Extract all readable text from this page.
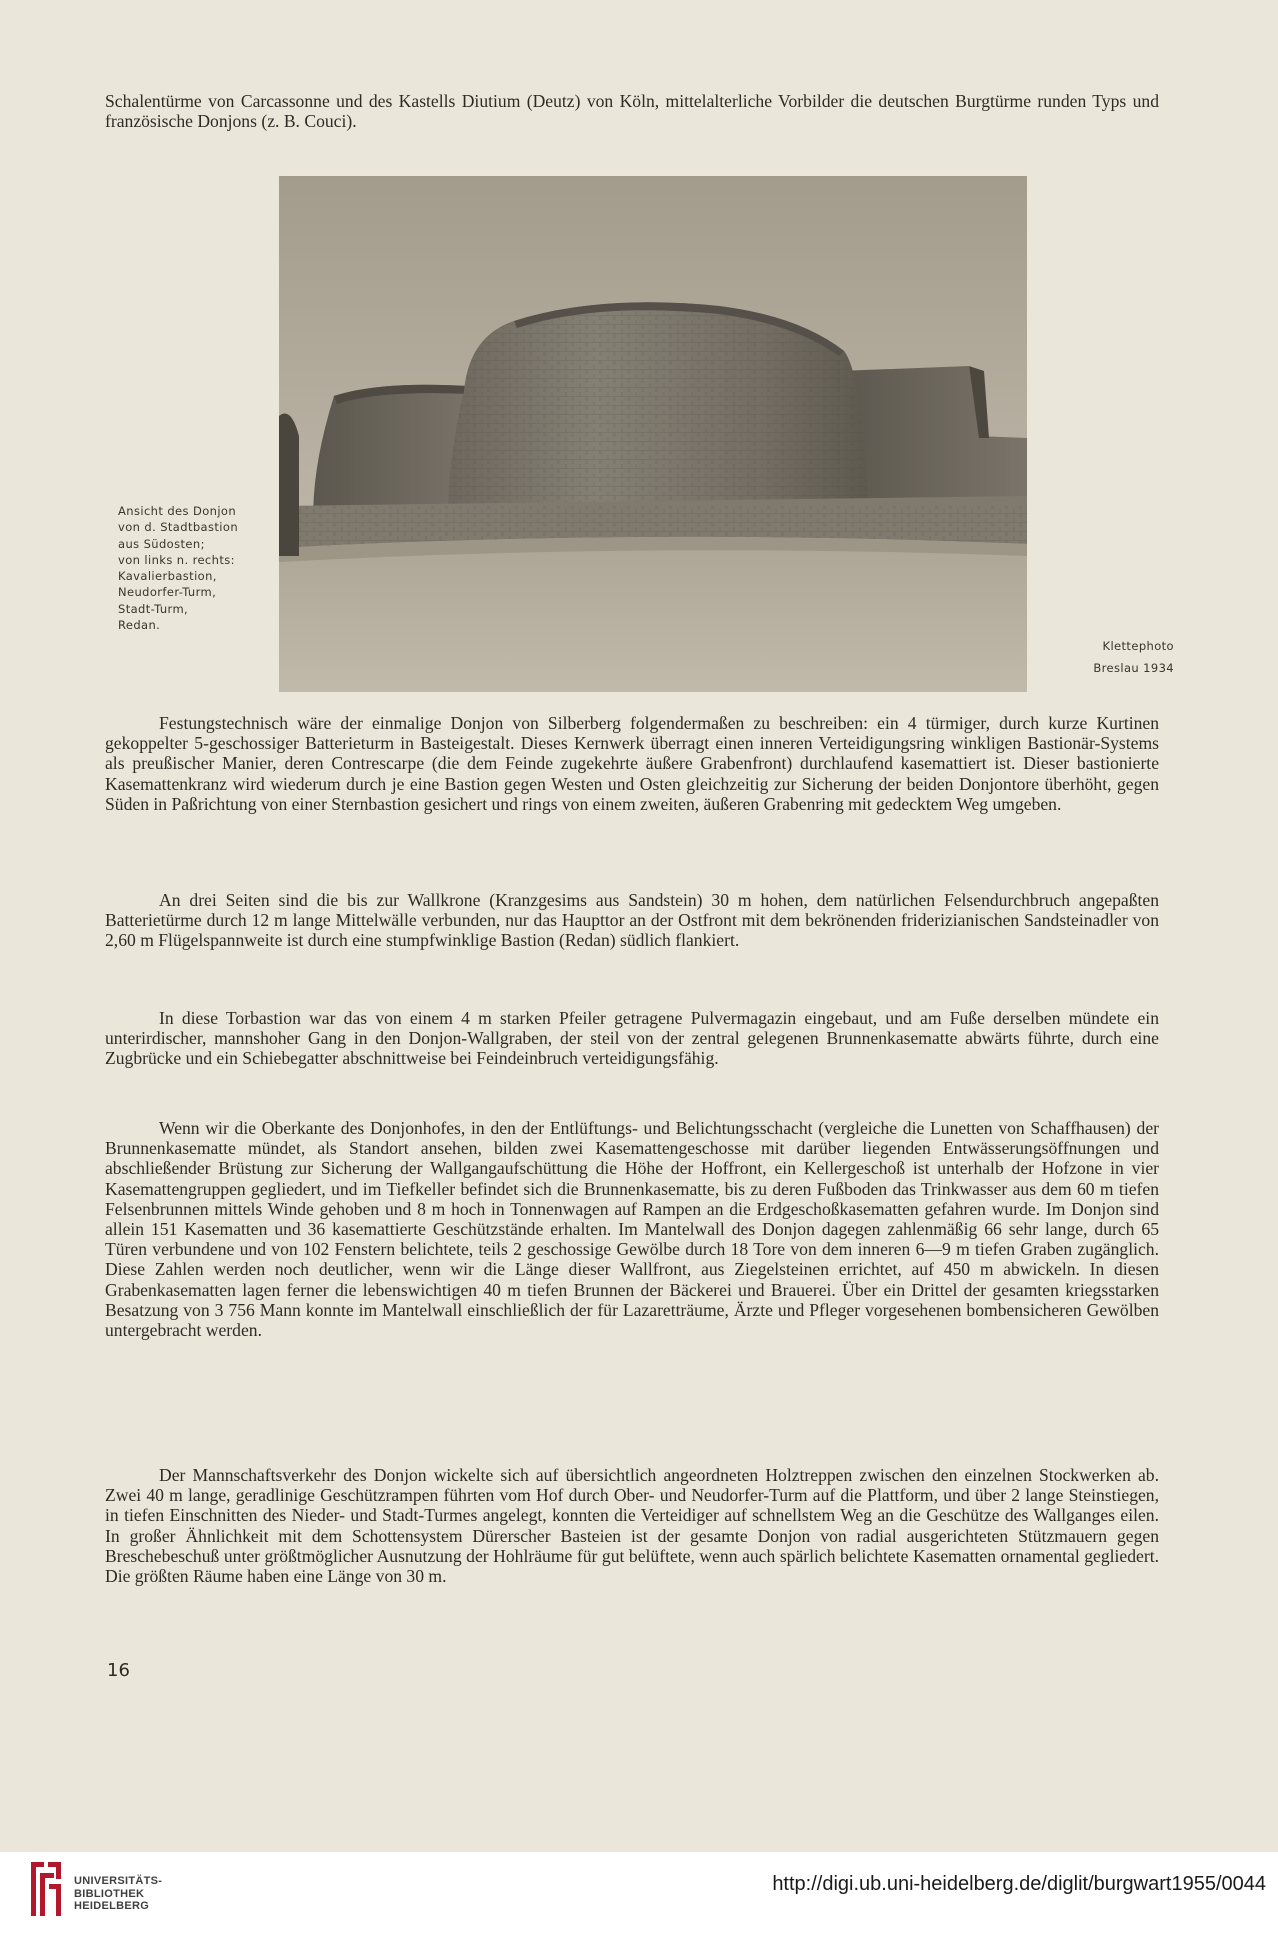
Schalentürme von Carcassonne und des Kastells Diutium (Deutz) von Köln, mittelalterliche Vorbilder die deutschen Burgtürme runden Typs und französische Donjons (z. B. Couci).

Ansicht des Donjon
von d. Stadtbastion
aus Südosten;
von links n. rechts:
Kavalierbastion,
Neudorfer-Turm,
Stadt-Turm,
Redan.
Klettephoto
Breslau 1934

Festungstechnisch wäre der einmalige Donjon von Silberberg folgendermaßen zu beschreiben: ein 4 türmiger, durch kurze Kurtinen gekoppelter 5-geschossiger Batterieturm in Basteigestalt. Dieses Kernwerk überragt einen inneren Verteidigungsring winkligen Bastionär-Systems als preußischer Manier, deren Contrescarpe (die dem Feinde zugekehrte äußere Grabenfront) durchlaufend kasemattiert ist. Dieser bastionierte Kasemattenkranz wird wiederum durch je eine Bastion gegen Westen und Osten gleichzeitig zur Sicherung der beiden Donjontore überhöht, gegen Süden in Paßrichtung von einer Sternbastion gesichert und rings von einem zweiten, äußeren Grabenring mit gedecktem Weg umgeben.

An drei Seiten sind die bis zur Wallkrone (Kranzgesims aus Sandstein) 30 m hohen, dem natürlichen Felsendurchbruch angepaßten Batterietürme durch 12 m lange Mittelwälle verbunden, nur das Haupttor an der Ostfront mit dem bekrönenden friderizianischen Sandsteinadler von 2,60 m Flügelspannweite ist durch eine stumpfwinklige Bastion (Redan) südlich flankiert.

In diese Torbastion war das von einem 4 m starken Pfeiler getragene Pulvermagazin eingebaut, und am Fuße derselben mündete ein unterirdischer, mannshoher Gang in den Donjon-Wallgraben, der steil von der zentral gelegenen Brunnenkasematte abwärts führte, durch eine Zugbrücke und ein Schiebegatter abschnittweise bei Feindeinbruch verteidigungsfähig.

Wenn wir die Oberkante des Donjonhofes, in den der Entlüftungs- und Belichtungsschacht (vergleiche die Lunetten von Schaffhausen) der Brunnenkasematte mündet, als Standort ansehen, bilden zwei Kasemattengeschosse mit darüber liegenden Entwässerungsöffnungen und abschließender Brüstung zur Sicherung der Wallgangaufschüttung die Höhe der Hoffront, ein Kellergeschoß ist unterhalb der Hofzone in vier Kasemattengruppen gegliedert, und im Tiefkeller befindet sich die Brunnenkasematte, bis zu deren Fußboden das Trinkwasser aus dem 60 m tiefen Felsenbrunnen mittels Winde gehoben und 8 m hoch in Tonnenwagen auf Rampen an die Erdgeschoßkasematten gefahren wurde. Im Donjon sind allein 151 Kasematten und 36 kasemattierte Geschützstände erhalten. Im Mantelwall des Donjon dagegen zahlenmäßig 66 sehr lange, durch 65 Türen verbundene und von 102 Fenstern belichtete, teils 2 geschossige Gewölbe durch 18 Tore von dem inneren 6—9 m tiefen Graben zugänglich. Diese Zahlen werden noch deutlicher, wenn wir die Länge dieser Wallfront, aus Ziegelsteinen errichtet, auf 450 m abwickeln. In diesen Grabenkasematten lagen ferner die lebenswichtigen 40 m tiefen Brunnen der Bäckerei und Brauerei. Über ein Drittel der gesamten kriegsstarken Besatzung von 3 756 Mann konnte im Mantelwall einschließlich der für Lazaretträume, Ärzte und Pfleger vorgesehenen bombensicheren Gewölben untergebracht werden.

Der Mannschaftsverkehr des Donjon wickelte sich auf übersichtlich angeordneten Holztreppen zwischen den einzelnen Stockwerken ab. Zwei 40 m lange, geradlinige Geschützrampen führten vom Hof durch Ober- und Neudorfer-Turm auf die Plattform, und über 2 lange Steinstiegen, in tiefen Einschnitten des Nieder- und Stadt-Turmes angelegt, konnten die Verteidiger auf schnellstem Weg an die Geschütze des Wallganges eilen. In großer Ähnlichkeit mit dem Schottensystem Dürerscher Basteien ist der gesamte Donjon von radial ausgerichteten Stützmauern gegen Breschebeschuß unter größtmöglicher Ausnutzung der Hohlräume für gut belüftete, wenn auch spärlich belichtete Kasematten ornamental gegliedert. Die größten Räume haben eine Länge von 30 m.

16
UNIVERSITÄTS-
BIBLIOTHEK
HEIDELBERG
http://digi.ub.uni-heidelberg.de/diglit/burgwart1955/0044
